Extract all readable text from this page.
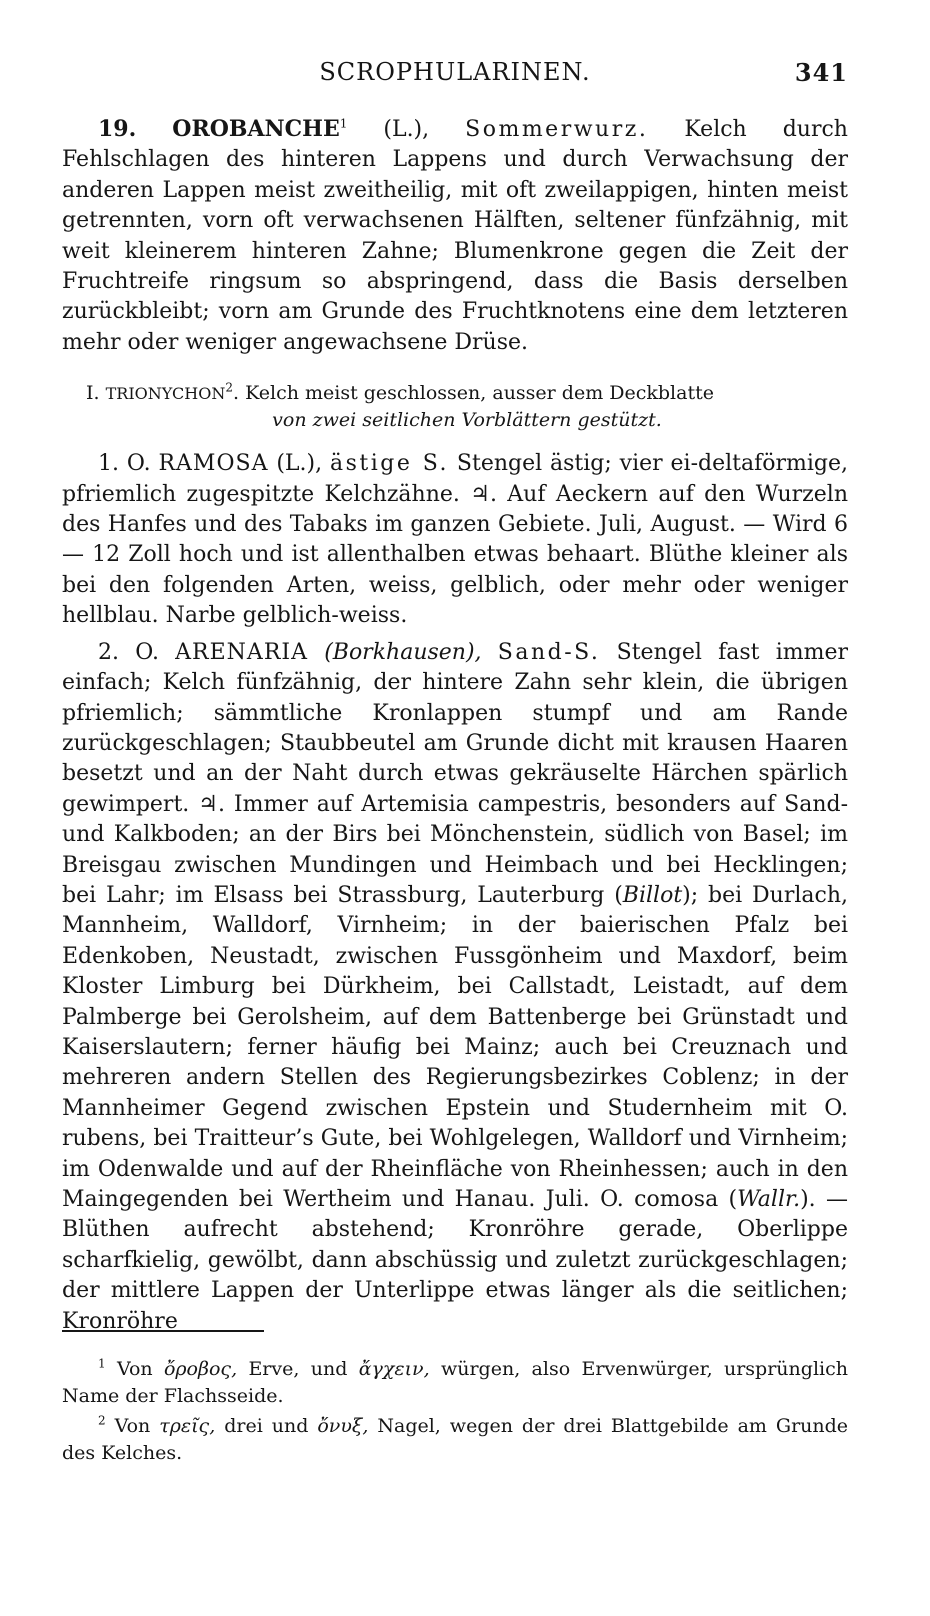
SCROPHULARINEN.	341

19. OROBANCHE$^1$ (L.), Sommerwurz. Kelch durch Fehlschlagen des hinteren Lappens und durch Verwachsung der anderen Lappen meist zweitheilig, mit oft zweilappigen, hinten meist getrennten, vorn oft verwachsenen Hälften, seltener fünfzähnig, mit weit kleinerem hinteren Zahne; Blumenkrone gegen die Zeit der Fruchtreife ringsum so abspringend, dass die Basis derselben zurückbleibt; vorn am Grunde des Fruchtknotens eine dem letzteren mehr oder weniger angewachsene Drüse.

I. TRIONYCHON$^2$. Kelch meist geschlossen, ausser dem Deckblatte
von zwei seitlichen Vorblättern gestützt.

1. O. RAMOSA (L.), ästige S. Stengel ästig; vier ei-deltaförmige, pfriemlich zugespitzte Kelchzähne. ♃. Auf Aeckern auf den Wurzeln des Hanfes und des Tabaks im ganzen Gebiete. Juli, August. — Wird 6 — 12 Zoll hoch und ist allenthalben etwas behaart. Blüthe kleiner als bei den folgenden Arten, weiss, gelblich, oder mehr oder weniger hellblau. Narbe gelblich-weiss.

2. O. ARENARIA (Borkhausen), Sand-S. Stengel fast immer einfach; Kelch fünfzähnig, der hintere Zahn sehr klein, die übrigen pfriemlich; sämmtliche Kronlappen stumpf und am Rande zurückgeschlagen; Staubbeutel am Grunde dicht mit krausen Haaren besetzt und an der Naht durch etwas gekräuselte Härchen spärlich gewimpert. ♃. Immer auf Artemisia campestris, besonders auf Sand- und Kalkboden; an der Birs bei Mönchenstein, südlich von Basel; im Breisgau zwischen Mundingen und Heimbach und bei Hecklingen; bei Lahr; im Elsass bei Strassburg, Lauterburg (Billot); bei Durlach, Mannheim, Walldorf, Virnheim; in der baierischen Pfalz bei Edenkoben, Neustadt, zwischen Fussgönheim und Maxdorf, beim Kloster Limburg bei Dürkheim, bei Callstadt, Leistadt, auf dem Palmberge bei Gerolsheim, auf dem Battenberge bei Grünstadt und Kaiserslautern; ferner häufig bei Mainz; auch bei Creuznach und mehreren andern Stellen des Regierungsbezirkes Coblenz; in der Mannheimer Gegend zwischen Epstein und Studernheim mit O. rubens, bei Traitteur’s Gute, bei Wohlgelegen, Walldorf und Virnheim; im Odenwalde und auf der Rheinfläche von Rheinhessen; auch in den Maingegenden bei Wertheim und Hanau. Juli. O. comosa (Wallr.). — Blüthen aufrecht abstehend; Kronröhre gerade, Oberlippe scharfkielig, gewölbt, dann abschüssig und zuletzt zurückgeschlagen; der mittlere Lappen der Unterlippe etwas länger als die seitlichen; Kronröhre

$^1$ Von ὄροβος, Erve, und ἄγχειν, würgen, also Ervenwürger, ursprünglich Name der Flachsseide.

$^2$ Von τρεῖς, drei und ὄνυξ, Nagel, wegen der drei Blattgebilde am Grunde des Kelches.
